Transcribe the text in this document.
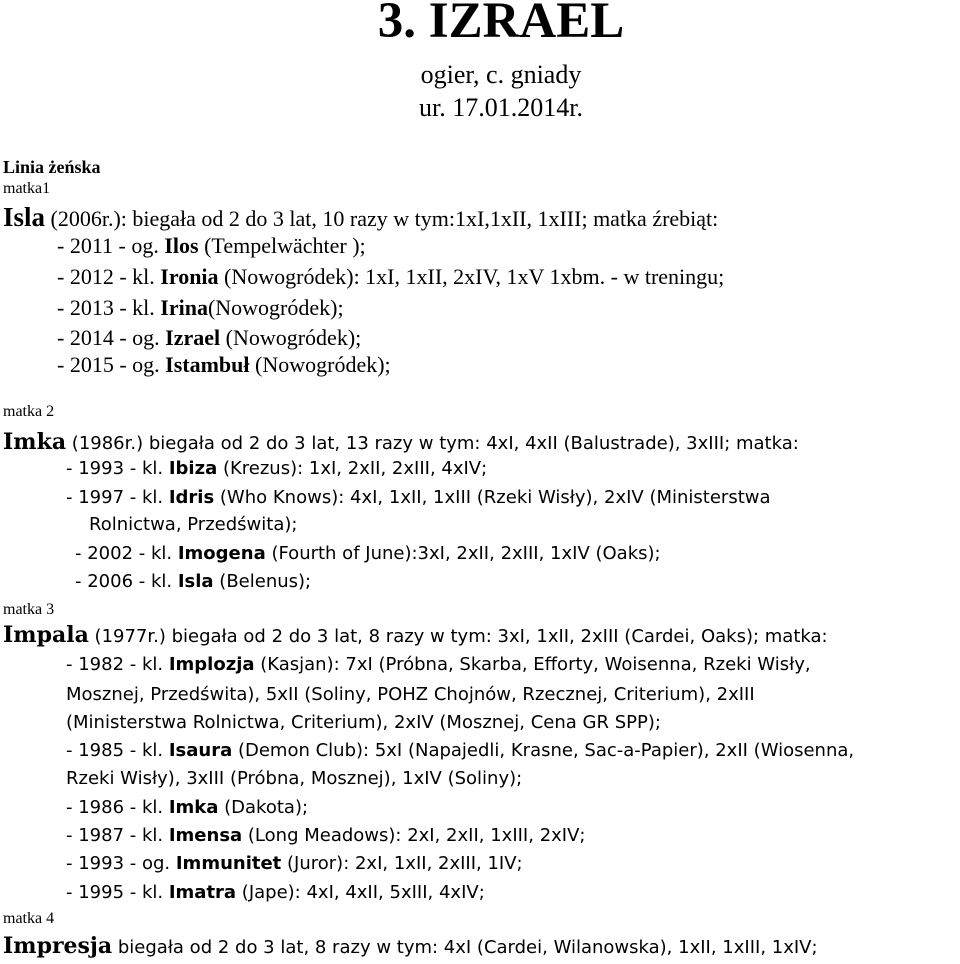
3. IZRAEL
ogier, c. gniady
ur. 17.01.2014r.
Linia żeńska
matka1
Isla (2006r.): biegała od 2 do 3 lat, 10 razy w tym:1xI,1xII, 1xIII; matka źrebiąt:
- 2011 - og. Ilos (Tempelwächter );
- 2012 - kl. Ironia (Nowogródek): 1xI, 1xII, 2xIV, 1xV 1xbm. - w treningu;
- 2013 - kl. Irina(Nowogródek);
- 2014 - og. Izrael (Nowogródek);
- 2015 - og. Istambuł (Nowogródek);
matka 2
Imka (1986r.) biegała od 2 do 3 lat, 13 razy w tym: 4xI, 4xII (Balustrade), 3xIII; matka:
- 1993 - kl. Ibiza (Krezus): 1xI, 2xII, 2xIII, 4xIV;
- 1997 - kl. Idris (Who Knows): 4xI, 1xII, 1xIII (Rzeki Wisły), 2xIV (Ministerstwa
Rolnictwa, Przedświta);
- 2002 - kl. Imogena (Fourth of June):3xI, 2xII, 2xIII, 1xIV (Oaks);
- 2006 - kl. Isla (Belenus);
matka 3
Impala (1977r.) biegała od 2 do 3 lat, 8 razy w tym: 3xI, 1xII, 2xIII (Cardei, Oaks); matka:
- 1982 - kl. Implozja (Kasjan): 7xI (Próbna, Skarba, Efforty, Woisenna, Rzeki Wisły,
Mosznej, Przedświta), 5xII (Soliny, POHZ Chojnów, Rzecznej, Criterium), 2xIII
(Ministerstwa Rolnictwa, Criterium), 2xIV (Mosznej, Cena GR SPP);
- 1985 - kl. Isaura (Demon Club): 5xI (Napajedli, Krasne, Sac-a-Papier), 2xII (Wiosenna,
Rzeki Wisły), 3xIII (Próbna, Mosznej), 1xIV (Soliny);
- 1986 - kl. Imka (Dakota);
- 1987 - kl. Imensa (Long Meadows): 2xI, 2xII, 1xIII, 2xIV;
- 1993 - og. Immunitet (Juror): 2xI, 1xII, 2xIII, 1IV;
- 1995 - kl. Imatra (Jape): 4xI, 4xII, 5xIII, 4xIV;
matka 4
Impresja biegała od 2 do 3 lat, 8 razy w tym: 4xI (Cardei, Wilanowska), 1xII, 1xIII, 1xIV;
